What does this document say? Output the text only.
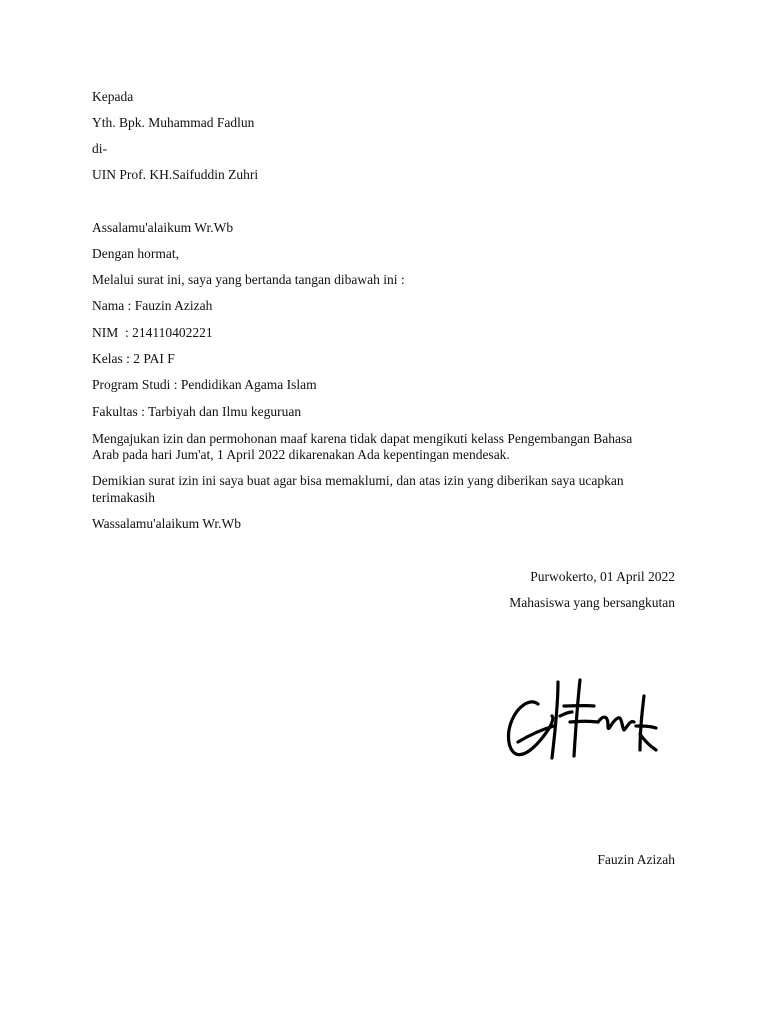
Kepada
Yth. Bpk. Muhammad Fadlun
di-
UIN Prof. KH.Saifuddin Zuhri
Assalamu'alaikum Wr.Wb
Dengan hormat,
Melalui surat ini, saya yang bertanda tangan dibawah ini :
Nama : Fauzin Azizah
NIM  : 214110402221
Kelas : 2 PAI F
Program Studi : Pendidikan Agama Islam
Fakultas : Tarbiyah dan Ilmu keguruan
Mengajukan izin dan permohonan maaf karena tidak dapat mengikuti kelass Pengembangan Bahasa
Arab pada hari Jum'at, 1 April 2022 dikarenakan Ada kepentingan mendesak.
Demikian surat izin ini saya buat agar bisa memaklumi, dan atas izin yang diberikan saya ucapkan
terimakasih
Wassalamu'alaikum Wr.Wb
Purwokerto, 01 April 2022
Mahasiswa yang bersangkutan
Fauzin Azizah
